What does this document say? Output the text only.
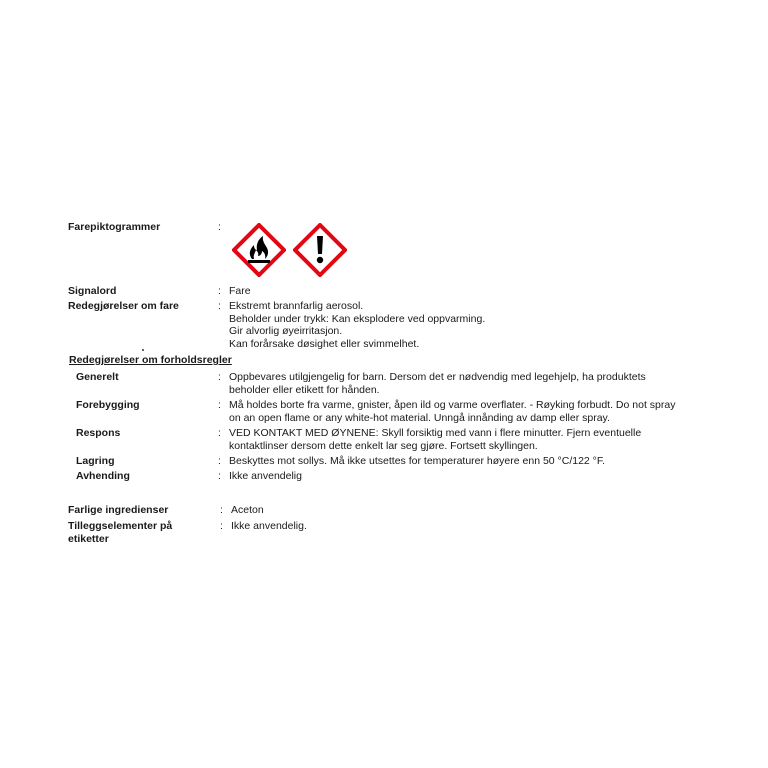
Farepiktogrammer	:
Signalord	: Fare
Redegjørelser om fare	: Ekstremt brannfarlig aerosol.
Beholder under trykk: Kan eksplodere ved oppvarming.
Gir alvorlig øyeirritasjon.
Kan forårsake døsighet eller svimmelhet.
Redegjørelser om forholdsregler
Generelt	: Oppbevares utilgjengelig for barn. Dersom det er nødvendig med legehjelp, ha produktets
beholder eller etikett for hånden.
Forebygging	: Må holdes borte fra varme, gnister, åpen ild og varme overflater. - Røyking forbudt. Do not spray
on an open flame or any white-hot material. Unngå innånding av damp eller spray.
Respons	: VED KONTAKT MED ØYNENE: Skyll forsiktig med vann i flere minutter. Fjern eventuelle
kontaktlinser dersom dette enkelt lar seg gjøre. Fortsett skyllingen.
Lagring	: Beskyttes mot sollys. Må ikke utsettes for temperaturer høyere enn 50 °C/122 °F.
Avhending	: Ikke anvendelig
Farlige ingredienser	: Aceton
Tilleggselementer på
etiketter
: Ikke anvendelig.
